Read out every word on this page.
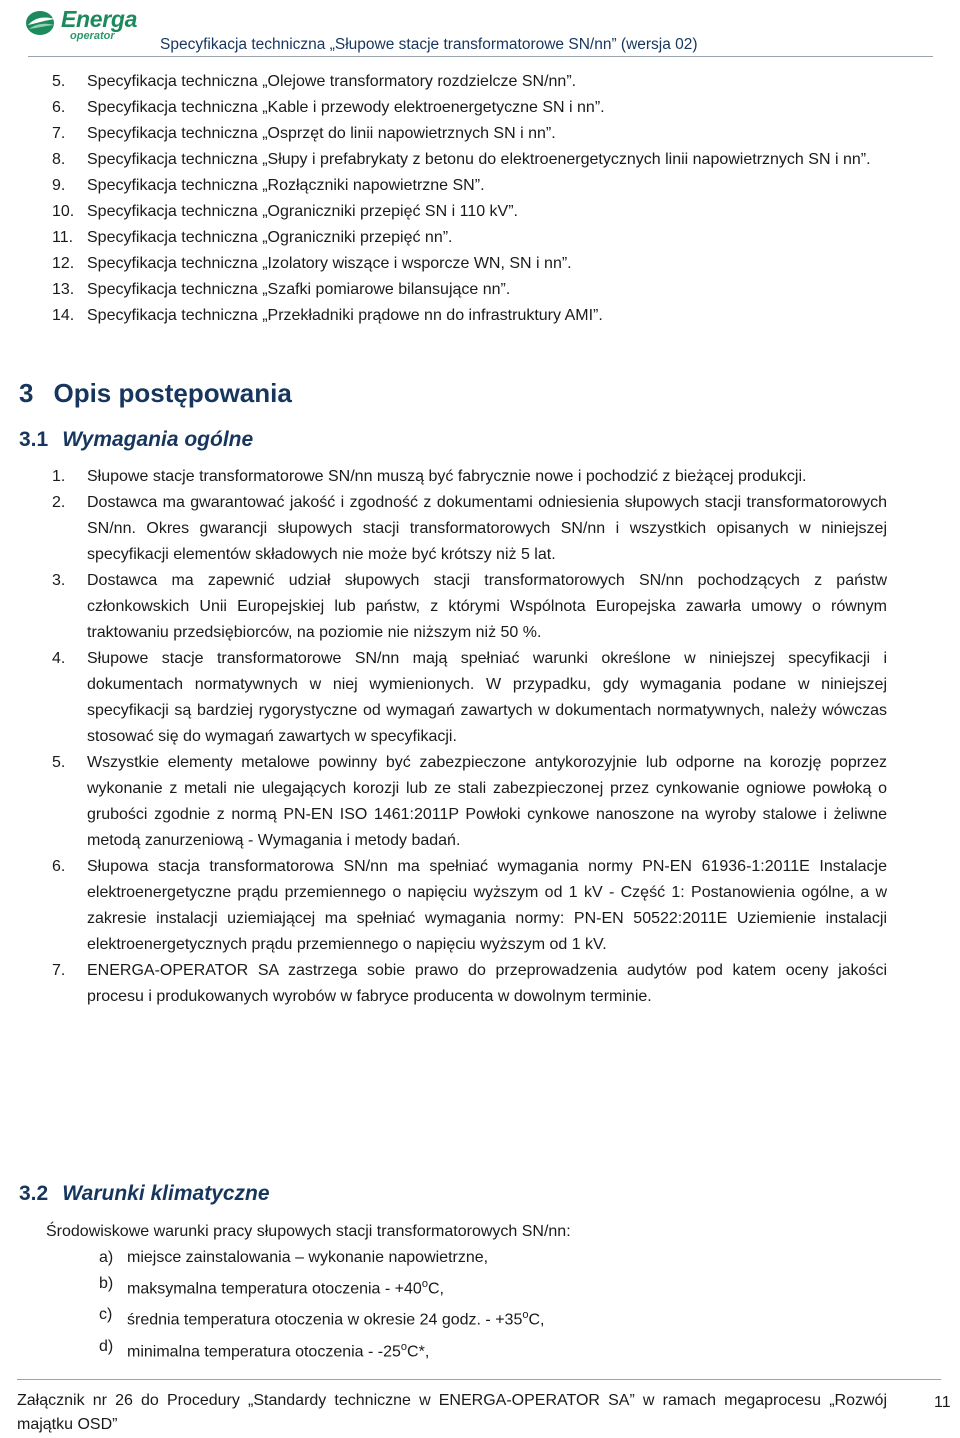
Energa
operator	Specyfikacja techniczna „Słupowe stacje transformatorowe SN/nn” (wersja 02)
5. Specyfikacja techniczna „Olejowe transformatory rozdzielcze SN/nn”.
6. Specyfikacja techniczna „Kable i przewody elektroenergetyczne SN i nn”.
7. Specyfikacja techniczna „Osprzęt do linii napowietrznych SN i nn”.
8. Specyfikacja techniczna „Słupy i prefabrykaty z betonu do elektroenergetycznych linii napowietrznych SN i nn”.
9. Specyfikacja techniczna „Rozłączniki napowietrzne SN”.
10. Specyfikacja techniczna „Ograniczniki przepięć SN i 110 kV”.
11. Specyfikacja techniczna „Ograniczniki przepięć nn”.
12. Specyfikacja techniczna „Izolatory wiszące i wsporcze WN, SN i nn”.
13. Specyfikacja techniczna „Szafki pomiarowe bilansujące nn”.
14. Specyfikacja techniczna „Przekładniki prądowe nn do infrastruktury AMI”.
3 Opis postępowania
3.1 Wymagania ogólne
1. Słupowe stacje transformatorowe SN/nn muszą być fabrycznie nowe i pochodzić z bieżącej produkcji.
2. Dostawca ma gwarantować jakość i zgodność z dokumentami odniesienia słupowych stacji transformatorowych SN/nn. Okres gwarancji słupowych stacji transformatorowych SN/nn i wszystkich opisanych w niniejszej specyfikacji elementów składowych nie może być krótszy niż 5 lat.
3. Dostawca ma zapewnić udział słupowych stacji transformatorowych SN/nn pochodzących z państw członkowskich Unii Europejskiej lub państw, z którymi Wspólnota Europejska zawarła umowy o równym traktowaniu przedsiębiorców, na poziomie nie niższym niż 50 %.
4. Słupowe stacje transformatorowe SN/nn mają spełniać warunki określone w niniejszej specyfikacji i dokumentach normatywnych w niej wymienionych. W przypadku, gdy wymagania podane w niniejszej specyfikacji są bardziej rygorystyczne od wymagań zawartych w dokumentach normatywnych, należy wówczas stosować się do wymagań zawartych w specyfikacji.
5. Wszystkie elementy metalowe powinny być zabezpieczone antykorozyjnie lub odporne na korozję poprzez wykonanie z metali nie ulegających korozji lub ze stali zabezpieczonej przez cynkowanie ogniowe powłoką o grubości zgodnie z normą PN-EN ISO 1461:2011P Powłoki cynkowe nanoszone na wyroby stalowe i żeliwne metodą zanurzeniową - Wymagania i metody badań.
6. Słupowa stacja transformatorowa SN/nn ma spełniać wymagania normy PN-EN 61936-1:2011E Instalacje elektroenergetyczne prądu przemiennego o napięciu wyższym od 1 kV - Część 1: Postanowienia ogólne, a w zakresie instalacji uziemiającej ma spełniać wymagania normy: PN-EN 50522:2011E Uziemienie instalacji elektroenergetycznych prądu przemiennego o napięciu wyższym od 1 kV.
7. ENERGA-OPERATOR SA zastrzega sobie prawo do przeprowadzenia audytów pod katem oceny jakości procesu i produkowanych wyrobów w fabryce producenta w dowolnym terminie.
3.2 Warunki klimatyczne

Środowiskowe warunki pracy słupowych stacji transformatorowych SN/nn:

a) miejsce zainstalowania – wykonanie napowietrzne,
b) maksymalna temperatura otoczenia - $+40^oC$,
c) średnia temperatura otoczenia w okresie 24 godz. - $+35^oC$,
d) minimalna temperatura otoczenia - -25$^o$C*,

Załącznik nr 26 do Procedury „Standardy techniczne w ENERGA-OPERATOR SA” w ramach megaprocesu „Rozwój majątku OSD”

11
